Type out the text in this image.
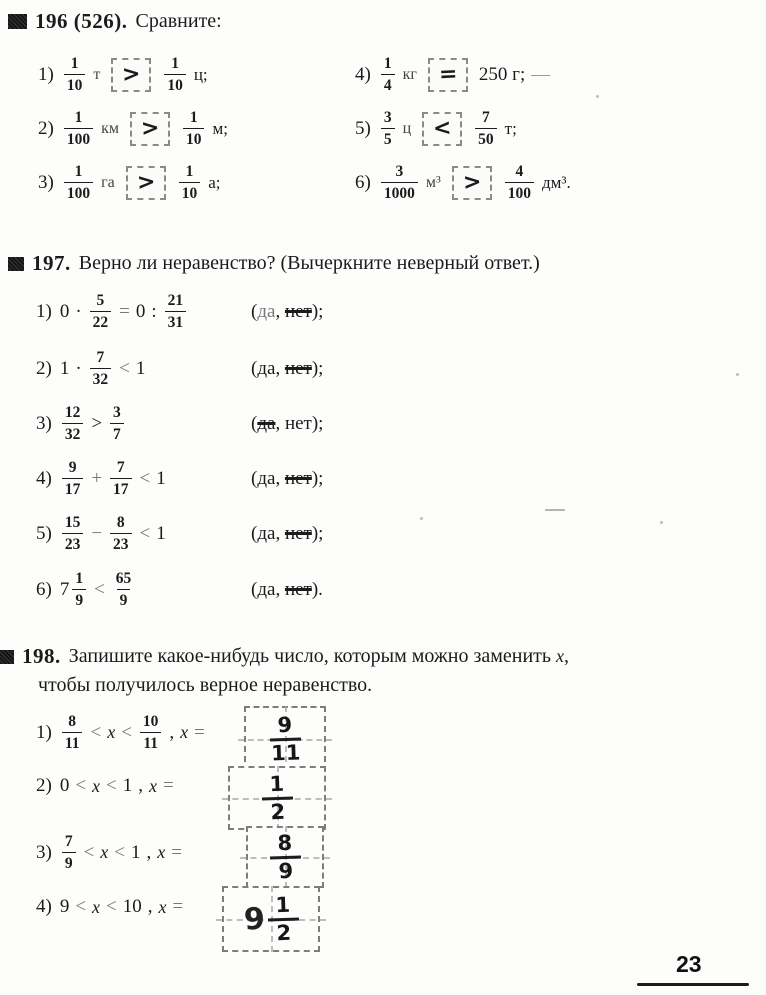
196 (526). Сравните:
$1) \frac{1}{10}$ $т > \frac{1}{10} ц$;	$4) \frac{1}{4}$ кг = 250 г; —
$2) \frac{1}{100}$ км > $\frac{1}{10} м$;	$5) \frac{3}{5}$ $ц < \frac{7}{50} т$;
$3) \frac{1}{100}$ га > $\frac{1}{10} а$;	$6) \frac{3}{1000} м^3 > \frac{4}{100} дм^3$.
197. Верно ли неравенство? (Вычеркните неверный ответ.)
1) $0 \cdot \frac{5}{22} = 0$ : $\frac{21}{31}$	(да, нет);
2) $1 \cdot \frac{7}{32} < 1$	(да, нет);
$3) \frac{12}{32} > \frac{3}{7}$	(да, нет);
$4) \frac{9}{17} + \frac{7}{17} < 1$	(да, нет);
$5) \frac{15}{23} - \frac{8}{23} < 1$	(да, нет);
6) $7 \frac{1}{9} < \frac{65}{9}$	(да, нет).
198. Запишите какое-нибудь число, которым можно заменить x,
чтобы получилось верное неравенство.
$1) \frac{8}{11} < x < \frac{10}{11}$ , x =	$\frac{9}{11}$
2) 0 < x < 1 , x =	$\frac{1}{2}$
$3) \frac{7}{9} < x < 1$ , x =	$\frac{8}{9}$
4) 9 < x < 10 , $x = 9 \frac{1}{2}$
23
